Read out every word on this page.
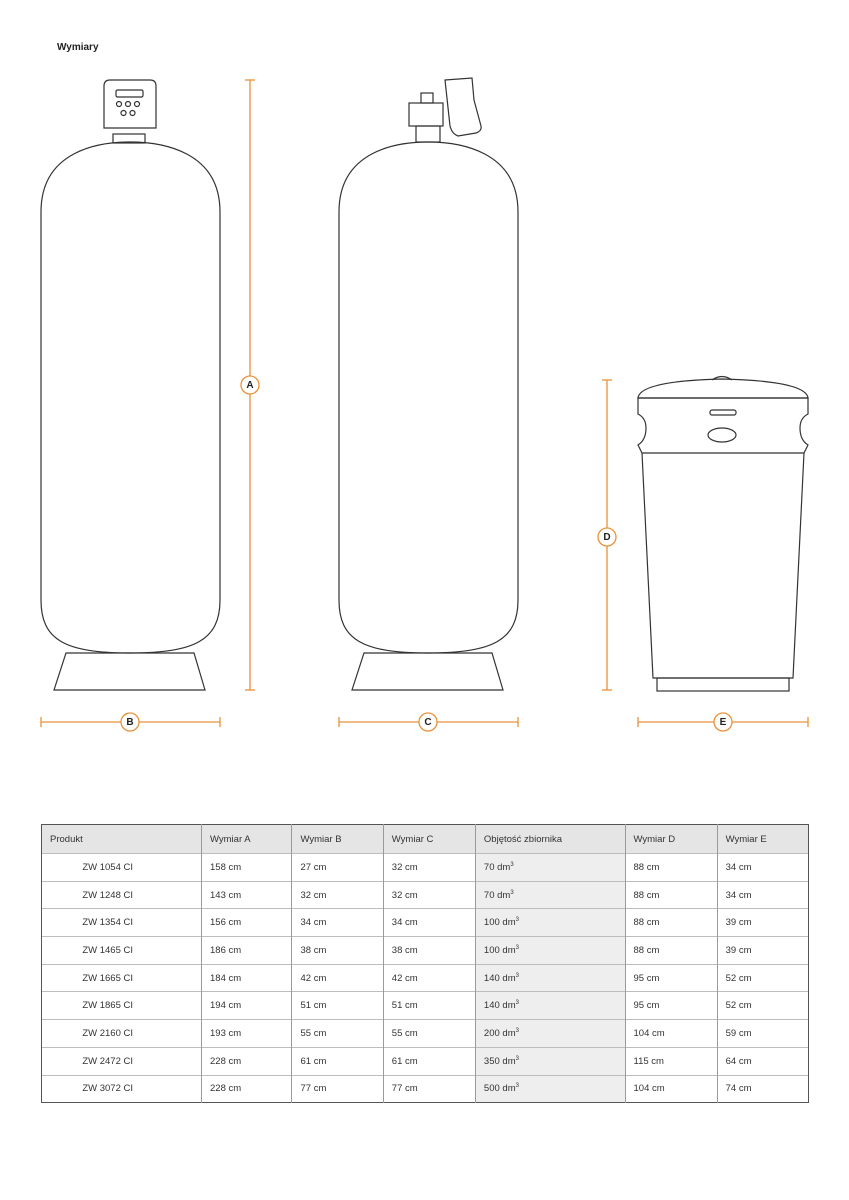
Wymiary
A
B	C
D
E
Produkt	Wymiar A	Wymiar B	Wymiar C	Objętość zbiornika	Wymiar D	Wymiar E
ZW 1054 CI	158 cm	27 cm	32 cm	70 $dm^3$	88 cm	34 cm
ZW 1248 CI	143 cm	32 cm	32 cm	70 $dm^3$	88 cm	34 cm
ZW 1354 CI	156 cm	34 cm	34 cm	100 $dm^3$	88 cm	39 cm
ZW 1465 CI	186 cm	38 cm	38 cm	100 $dm^3$	88 cm	39 cm
ZW 1665 CI	184 cm	42 cm	42 cm	140 $dm^3$	95 cm	52 cm
ZW 1865 CI	194 cm	51 cm	51 cm	140 $dm^3$	95 cm	52 cm
ZW 2160 CI	193 cm	55 cm	55 cm	200 $dm^3$	104 cm	59 cm
ZW 2472 CI	228 cm	61 cm	61 cm	350 $dm^3$	115 cm	64 cm
ZW 3072 CI	228 cm	77 cm	77 cm	500 $dm^3$	104 cm	74 cm
